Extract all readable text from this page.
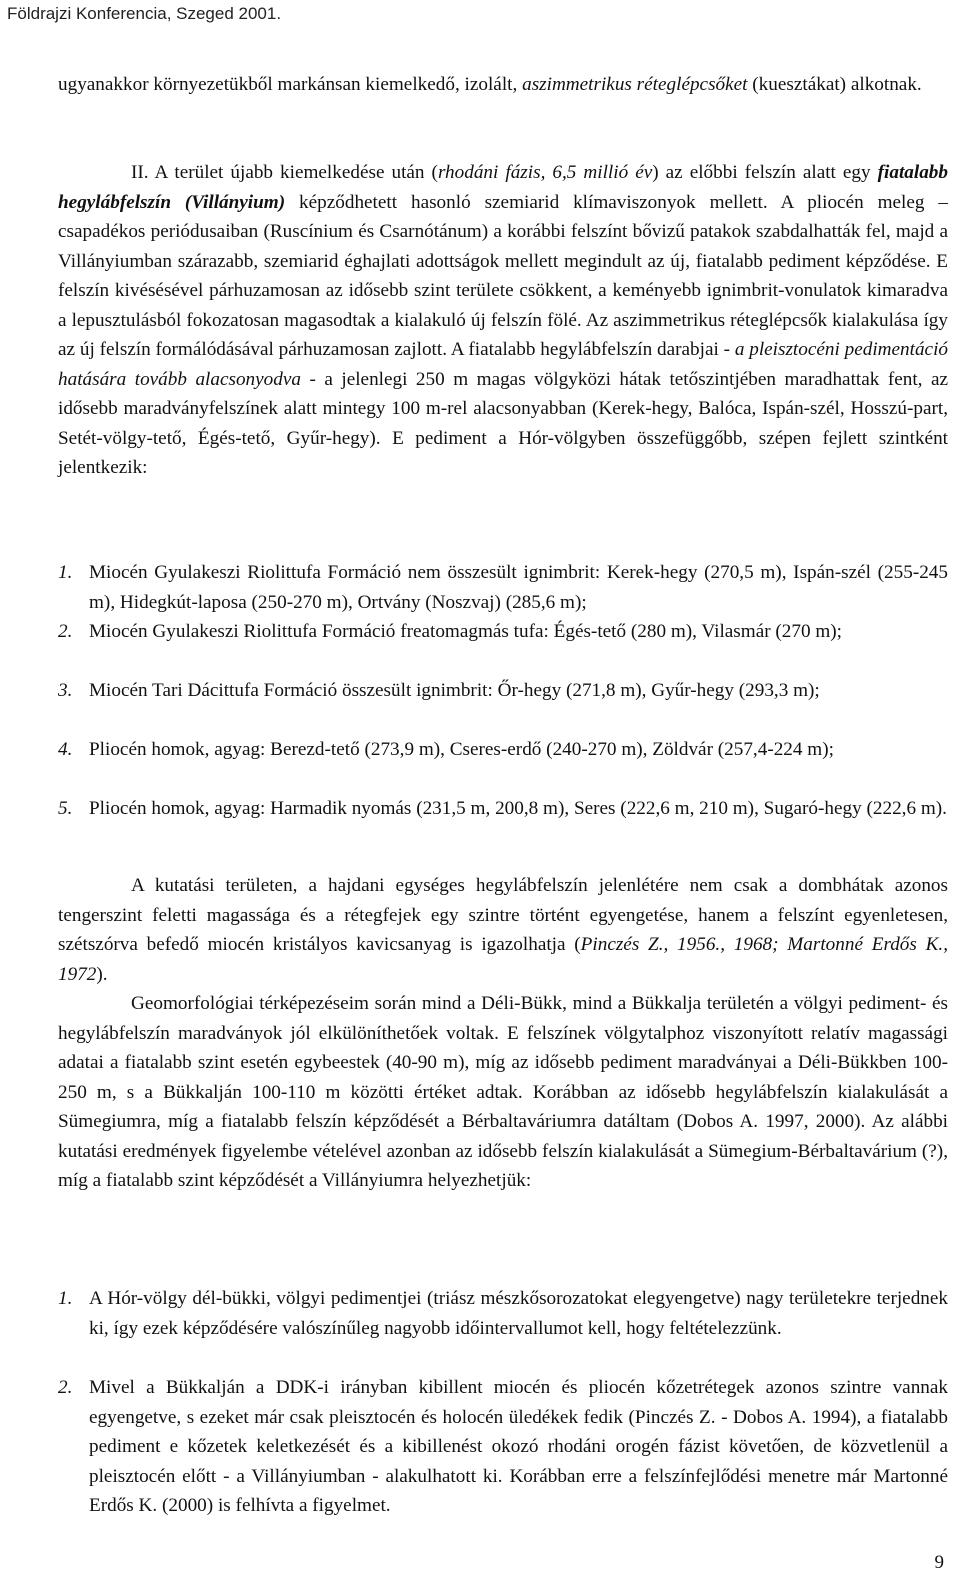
Földrajzi Konferencia, Szeged 2001.
ugyanakkor környezetükből markánsan kiemelkedő, izolált, aszimmetrikus réteglépcsőket (kuesztákat) alkotnak.
II. A terület újabb kiemelkedése után (rhodáni fázis, 6,5 millió év) az előbbi felszín alatt egy fiatalabb hegylábfelszín (Villányium) képződhetett hasonló szemiarid klímaviszonyok mellett. A pliocén meleg – csapadékos periódusaiban (Ruscínium és Csarnótánum) a korábbi felszínt bővizű patakok szabdalhatták fel, majd a Villányiumban szárazabb, szemiarid éghajlati adottságok mellett megindult az új, fiatalabb pediment képződése. E felszín kivésésével párhuzamosan az idősebb szint területe csökkent, a keményebb ignimbrit-vonulatok kimaradva a lepusztulásból fokozatosan magasodtak a kialakuló új felszín fölé. Az aszimmetrikus réteglépcsők kialakulása így az új felszín formálódásával párhuzamosan zajlott. A fiatalabb hegylábfelszín darabjai - a pleisztocéni pedimentáció hatására tovább alacsonyodva - a jelenlegi 250 m magas völgyközi hátak tetőszintjében maradhattak fent, az idősebb maradványfelszínek alatt mintegy 100 m-rel alacsonyabban (Kerek-hegy, Balóca, Ispán-szél, Hosszú-part, Setét-völgy-tető, Égés-tető, Gyűr-hegy). E pediment a Hór-völgyben összefüggőbb, szépen fejlett szintként jelentkezik:
1. Miocén Gyulakeszi Riolittufa Formáció nem összesült ignimbrit: Kerek-hegy (270,5 m), Ispán-szél (255-245 m), Hidegkút-laposa (250-270 m), Ortvány (Noszvaj) (285,6 m);
2. Miocén Gyulakeszi Riolittufa Formáció freatomagmás tufa: Égés-tető (280 m), Vilasmár (270 m);
3. Miocén Tari Dácittufa Formáció összesült ignimbrit: Őr-hegy (271,8 m), Gyűr-hegy (293,3 m);
4. Pliocén homok, agyag: Berezd-tető (273,9 m), Cseres-erdő (240-270 m), Zöldvár (257,4-224 m);
5. Pliocén homok, agyag: Harmadik nyomás (231,5 m, 200,8 m), Seres (222,6 m, 210 m), Sugaró-hegy (222,6 m).
A kutatási területen, a hajdani egységes hegylábfelszín jelenlétére nem csak a dombhátak azonos tengerszint feletti magassága és a rétegfejek egy szintre történt egyengetése, hanem a felszínt egyenletesen, szétszórva befedő miocén kristályos kavicsanyag is igazolhatja (Pinczés Z., 1956., 1968; Martonné Erdős K., 1972).
Geomorfológiai térképezéseim során mind a Déli-Bükk, mind a Bükkalja területén a völgyi pediment- és hegylábfelszín maradványok jól elkülöníthetőek voltak. E felszínek völgytalphoz viszonyított relatív magassági adatai a fiatalabb szint esetén egybeestek (40-90 m), míg az idősebb pediment maradványai a Déli-Bükkben 100-250 m, s a Bükkalján 100-110 m közötti értéket adtak. Korábban az idősebb hegylábfelszín kialakulását a Sümegiumra, míg a fiatalabb felszín képződését a Bérbaltaváriumra datáltam (Dobos A. 1997, 2000). Az alábbi kutatási eredmények figyelembe vételével azonban az idősebb felszín kialakulását a Sümegium-Bérbaltavárium (?), míg a fiatalabb szint képződését a Villányiumra helyezhetjük:
1. A Hór-völgy dél-bükki, völgyi pedimentjei (triász mészkősorozatokat elegyengetve) nagy területekre terjednek ki, így ezek képződésére valószínűleg nagyobb időintervallumot kell, hogy feltételezzünk.
2. Mivel a Bükkalján a DDK-i irányban kibillent miocén és pliocén kőzetrétegek azonos szintre vannak egyengetve, s ezeket már csak pleisztocén és holocén üledékek fedik (Pinczés Z. - Dobos A. 1994), a fiatalabb pediment e kőzetek keletkezését és a kibillenést okozó rhodáni orogén fázist követően, de közvetlenül a pleisztocén előtt - a Villányiumban - alakulhatott ki. Korábban erre a felszínfejlődési menetre már Martonné Erdős K. (2000) is felhívta a figyelmet.
9
